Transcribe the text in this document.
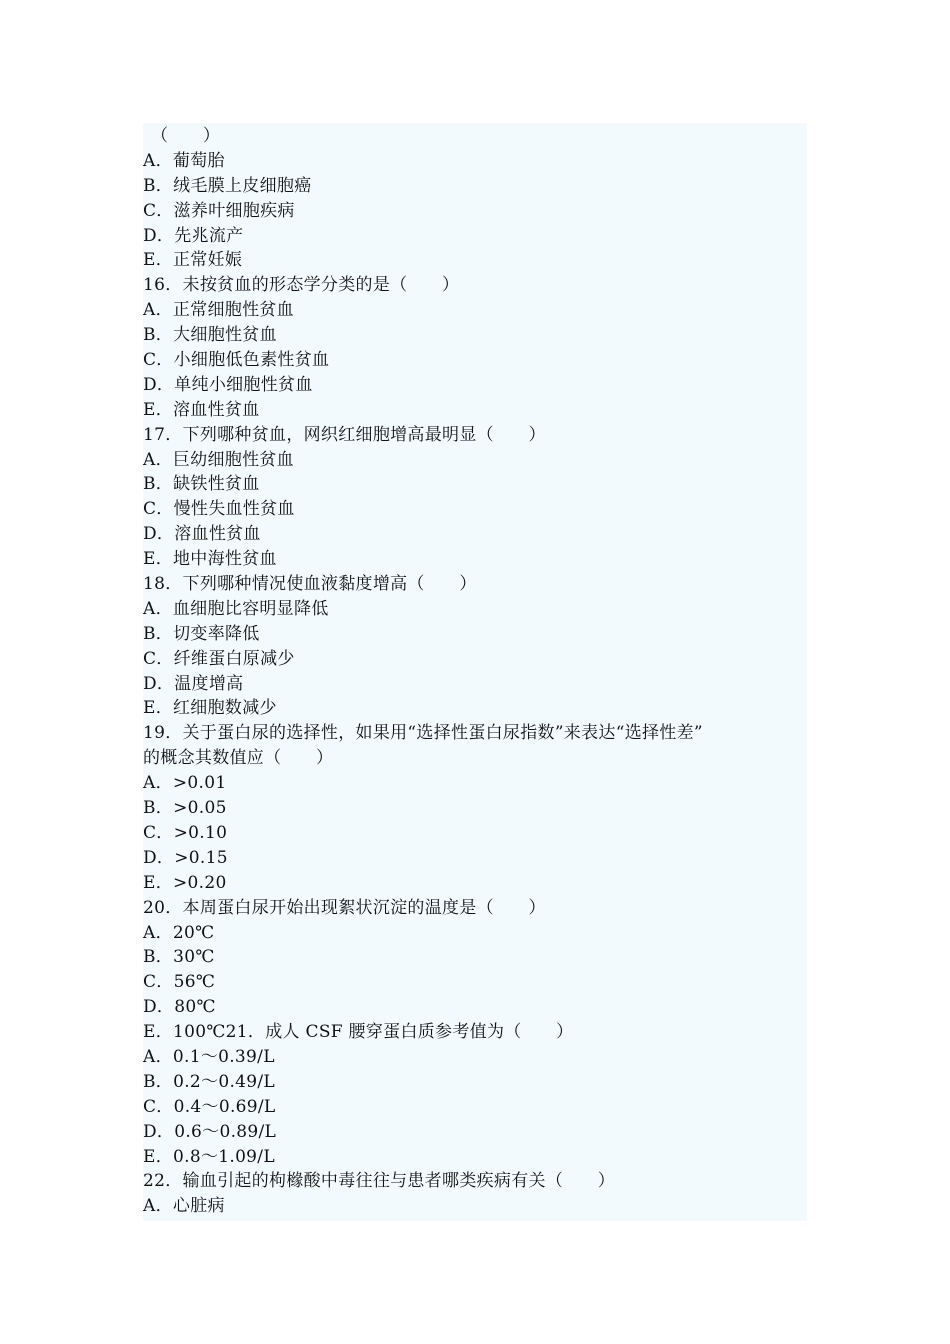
（　　）
A．葡萄胎
B．绒毛膜上皮细胞癌
C．滋养叶细胞疾病
D．先兆流产
E．正常妊娠
16．未按贫血的形态学分类的是（　　）
A．正常细胞性贫血
B．大细胞性贫血
C．小细胞低色素性贫血
D．单纯小细胞性贫血
E．溶血性贫血
17．下列哪种贫血，网织红细胞增高最明显（　　）
A．巨幼细胞性贫血
B．缺铁性贫血
C．慢性失血性贫血
D．溶血性贫血
E．地中海性贫血
18．下列哪种情况使血液黏度增高（　　）
A．血细胞比容明显降低
B．切变率降低
C．纤维蛋白原减少
D．温度增高
E．红细胞数减少
19．关于蛋白尿的选择性，如果用“选择性蛋白尿指数”来表达“选择性差”
的概念其数值应（　　）
A．>0.01
B．>0.05
C．>0.10
D．>0.15
E．>0.20
20．本周蛋白尿开始出现絮状沉淀的温度是（　　）
A．20℃
B．30℃
C．56℃
D．80℃
E．100℃21．成人 CSF 腰穿蛋白质参考值为（　　）
A．0.1～0.39/L
B．0.2～0.49/L
C．0.4～0.69/L
D．0.6～0.89/L
E．0.8～1.09/L
22．输血引起的枸橼酸中毒往往与患者哪类疾病有关（　　）
A．心脏病
